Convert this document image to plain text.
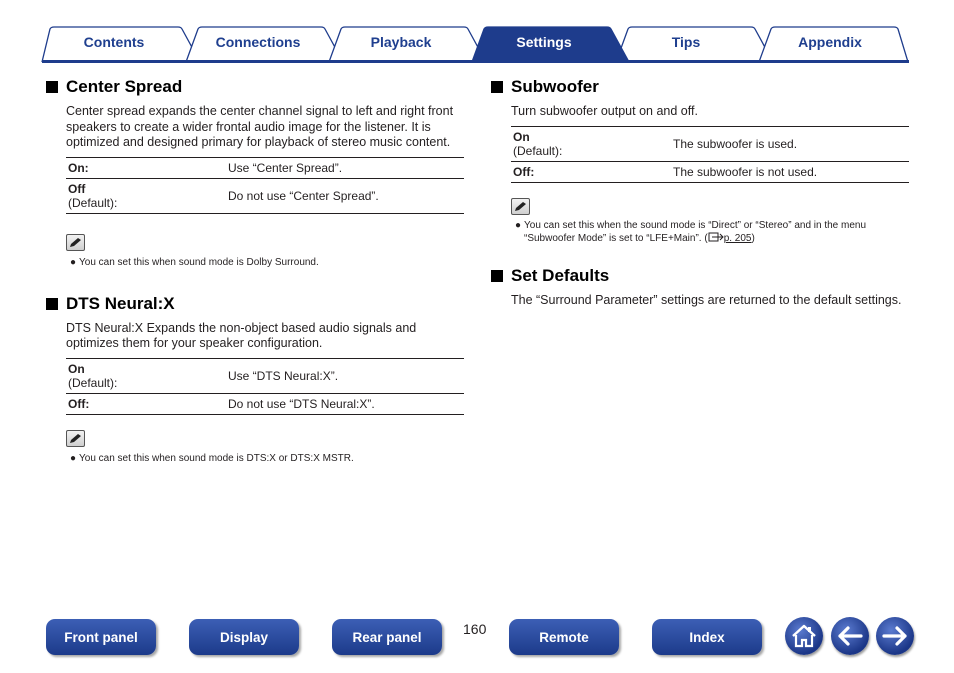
Contents	Connections	Playback	Settings	Tips	Appendix
Center Spread

Center spread expands the center channel signal to left and right front speakers to create a wider frontal audio image for the listener. It is optimized and designed primary for playback of stereo music content.

On:	Use “Center Spread”.
Off
(Default):	Do not use “Center Spread”.

● You can set this when sound mode is Dolby Surround.

DTS Neural:X

DTS Neural:X Expands the non-object based audio signals and optimizes them for your speaker configuration.

On
(Default):	Use “DTS Neural:X”.
Off:	Do not use “DTS Neural:X”.

● You can set this when sound mode is DTS:X or DTS:X MSTR.

Subwoofer

Turn subwoofer output on and off.

On
(Default):	The subwoofer is used.
Off:	The subwoofer is not used.

● You can set this when the sound mode is “Direct” or “Stereo” and in the menu “Subwoofer Mode” is set to “LFE+Main”. ( p. 205)

Set Defaults

The “Surround Parameter” settings are returned to the default settings.

Front panel	Display	Rear panel	160	Remote	Index
